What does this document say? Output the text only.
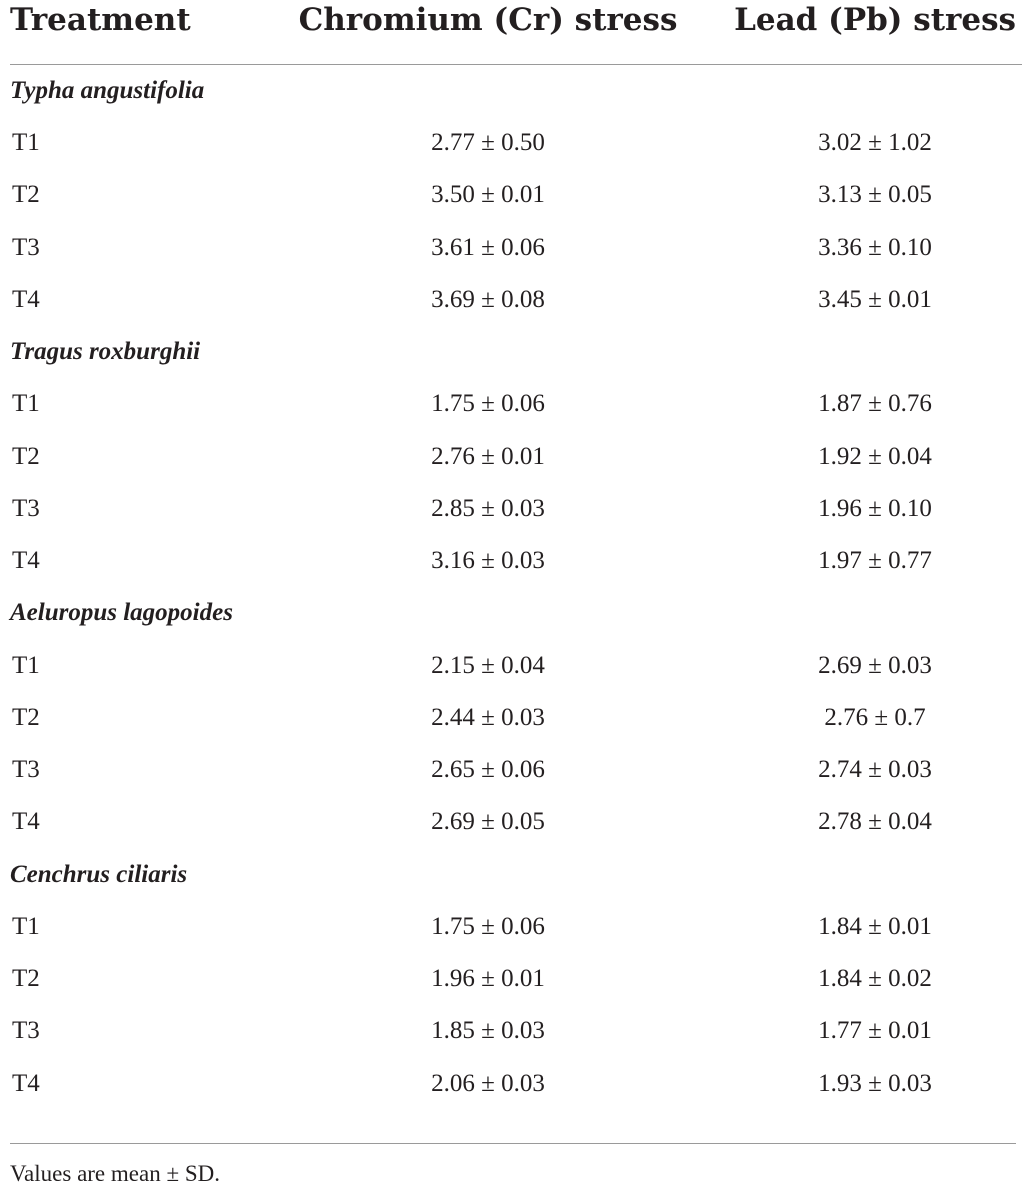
Treatment	Chromium (Cr) stress	Lead (Pb) stress

Typha angustifolia		
T1	2.77 ± 0.50	3.02 ± 1.02
T2	3.50 ± 0.01	3.13 ± 0.05
T3	3.61 ± 0.06	3.36 ± 0.10
T4	3.69 ± 0.08	3.45 ± 0.01
Tragus roxburghii		
T1	1.75 ± 0.06	1.87 ± 0.76
T2	2.76 ± 0.01	1.92 ± 0.04
T3	2.85 ± 0.03	1.96 ± 0.10
T4	3.16 ± 0.03	1.97 ± 0.77
Aeluropus lagopoides		
T1	2.15 ± 0.04	2.69 ± 0.03
T2	2.44 ± 0.03	2.76 ± 0.7
T3	2.65 ± 0.06	2.74 ± 0.03
T4	2.69 ± 0.05	2.78 ± 0.04
Cenchrus ciliaris		
T1	1.75 ± 0.06	1.84 ± 0.01
T2	1.96 ± 0.01	1.84 ± 0.02
T3	1.85 ± 0.03	1.77 ± 0.01
T4	2.06 ± 0.03	1.93 ± 0.03
Values are mean ± SD.
